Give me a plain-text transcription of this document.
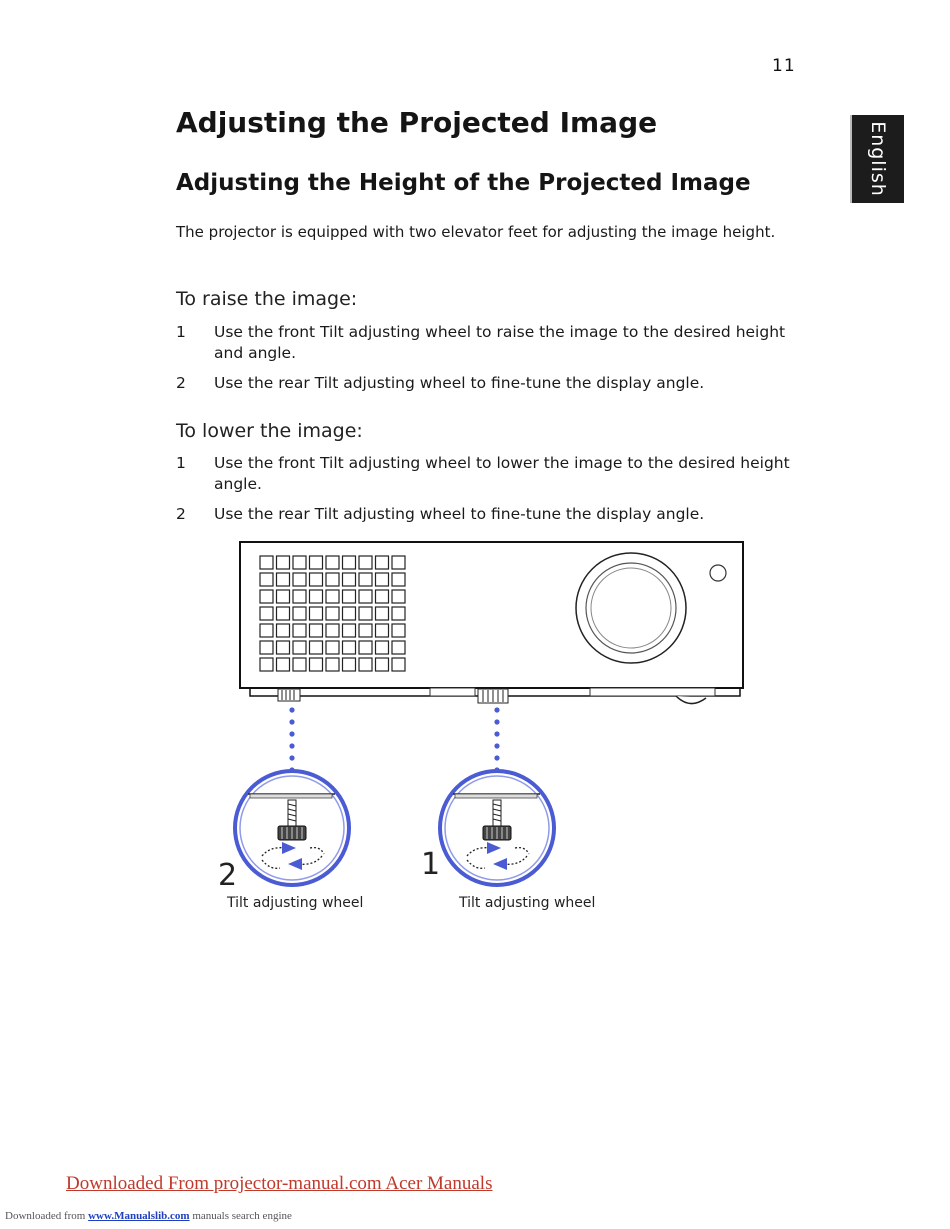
11
English
Adjusting the Projected Image
Adjusting the Height of the Projected Image

The projector is equipped with two elevator feet for adjusting the image height.

To raise the image:
1 Use the front Tilt adjusting wheel to raise the image to the desired height and angle.
2 Use the rear Tilt adjusting wheel to fine-tune the display angle.
To lower the image:
1 Use the front Tilt adjusting wheel to lower the image to the desired height angle.
2 Use the rear Tilt adjusting wheel to fine-tune the display angle.
2	1
Tilt adjusting wheel	Tilt adjusting wheel
Downloaded From projector-manual.com Acer Manuals
Downloaded from www.Manualslib.com manuals search engine
